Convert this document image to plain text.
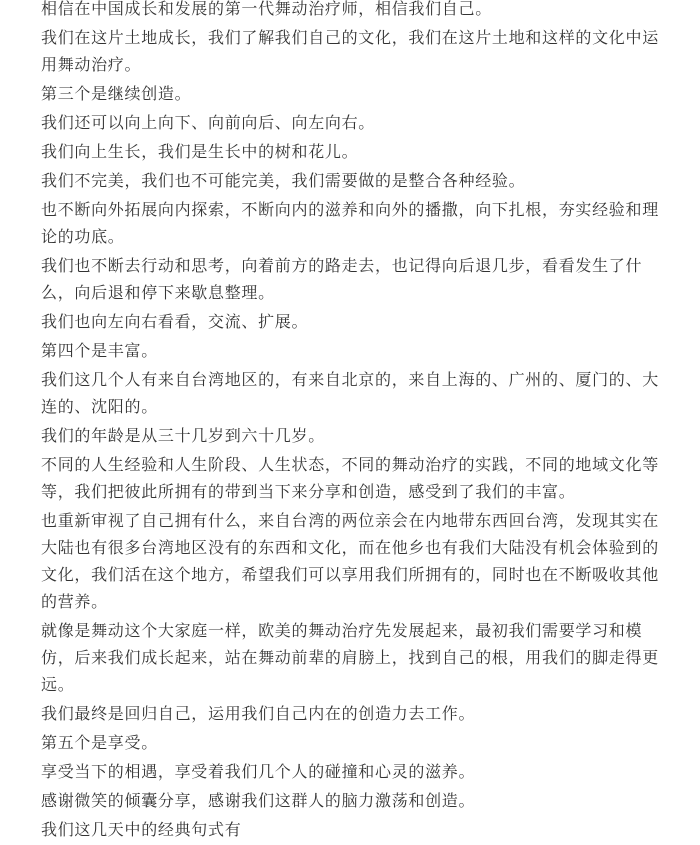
相信在中国成长和发展的第一代舞动治疗师，相信我们自己。

我们在这片土地成长，我们了解我们自己的文化，我们在这片土地和这样的文化中运用舞动治疗。

第三个是继续创造。

我们还可以向上向下、向前向后、向左向右。

我们向上生长，我们是生长中的树和花儿。

我们不完美，我们也不可能完美，我们需要做的是整合各种经验。

也不断向外拓展向内探索，不断向内的滋养和向外的播撒，向下扎根，夯实经验和理论的功底。

我们也不断去行动和思考，向着前方的路走去，也记得向后退几步，看看发生了什么，向后退和停下来歇息整理。

我们也向左向右看看，交流、扩展。

第四个是丰富。

我们这几个人有来自台湾地区的，有来自北京的，来自上海的、广州的、厦门的、大连的、沈阳的。

我们的年龄是从三十几岁到六十几岁。

不同的人生经验和人生阶段、人生状态，不同的舞动治疗的实践，不同的地域文化等等，我们把彼此所拥有的带到当下来分享和创造，感受到了我们的丰富。

也重新审视了自己拥有什么，来自台湾的两位亲会在内地带东西回台湾，发现其实在大陆也有很多台湾地区没有的东西和文化，而在他乡也有我们大陆没有机会体验到的文化，我们活在这个地方，希望我们可以享用我们所拥有的，同时也在不断吸收其他的营养。

就像是舞动这个大家庭一样，欧美的舞动治疗先发展起来，最初我们需要学习和模仿，后来我们成长起来，站在舞动前辈的肩膀上，找到自己的根，用我们的脚走得更远。

我们最终是回归自己，运用我们自己内在的创造力去工作。

第五个是享受。

享受当下的相遇，享受着我们几个人的碰撞和心灵的滋养。

感谢微笑的倾囊分享，感谢我们这群人的脑力激荡和创造。

我们这几天中的经典句式有
